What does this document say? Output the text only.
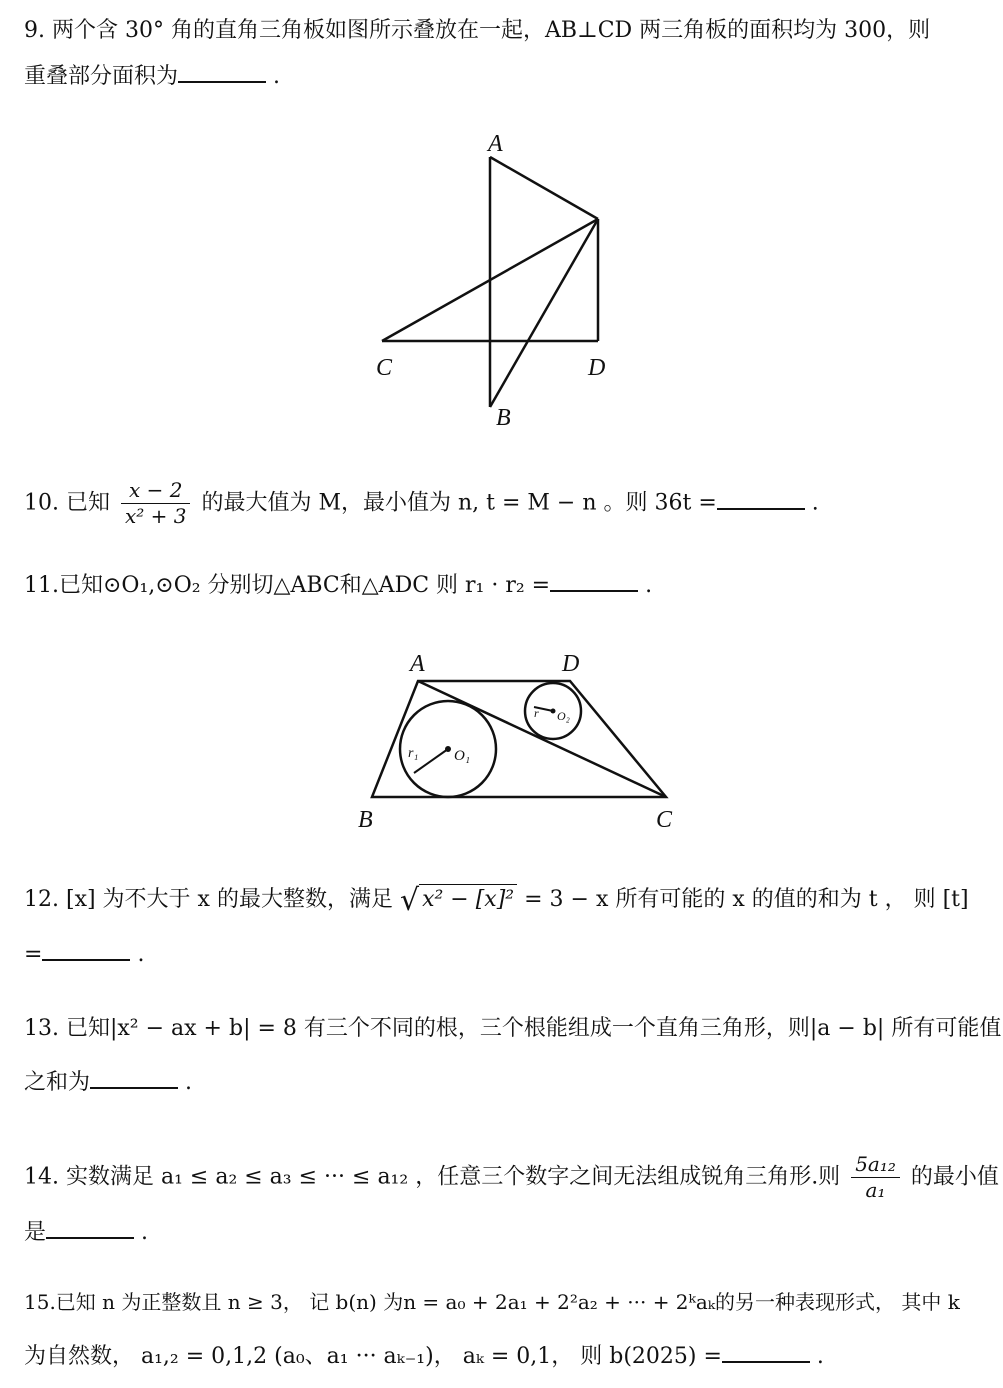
9. 两个含 30° 角的直角三角板如图所示叠放在一起，AB⊥CD 两三角板的面积均为 300，则
重叠部分面积为	.
A
C	D
B
10. 已知 $\frac{x - 2}{\text{x² + 3}}$ 的最大值为 M，最小值为 n, t = M − n 。则 36t =	.
11.已知⊙O₁,⊙O₂ 分别切△ABC和△ADC 则 r₁ · r₂ =	.
A	D
B	C
r₁ O₁
r O₂
12. [x] 为不大于 x 的最大整数，满足 √ x² − [x]² = 3 − x 所有可能的 x 的值的和为 t ， 则 [t]
=	.
13. 已知|x² − ax + b| = 8 有三个不同的根，三个根能组成一个直角三角形，则|a − b| 所有可能值
之和为	.
14. 实数满足 a₁ ≤ a₂ ≤ a₃ ≤ ··· ≤ a₁₂ ，任意三个数字之间无法组成锐角三角形.则 $\frac{\text{5a₁₂}}{\text{a₁}}$ 的最小值
是	.
15.已知 n 为正整数且 n ≥ 3， 记 b(n) 为n = a₀ + 2a₁ + 2²a₂ + ··· + 2ᵏaₖ的另一种表现形式， 其中 k
为自然数， a₁,₂ = 0,1,2 (a₀、a₁ ··· aₖ₋₁)， aₖ = 0,1， 则 b(2025) =	.
